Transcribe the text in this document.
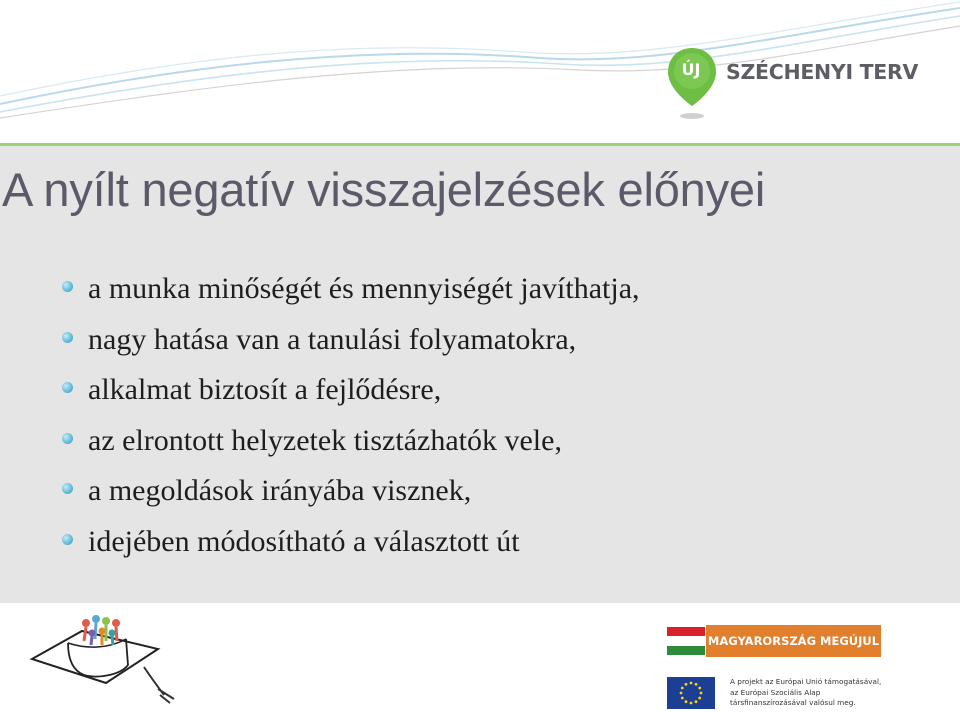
ÚJ	SZÉCHENYI TERV
A nyílt negatív visszajelzések előnyei
a munka minőségét és mennyiségét javíthatja,
nagy hatása van a tanulási folyamatokra,
alkalmat biztosít a fejlődésre,
az elrontott helyzetek tisztázhatók vele,
a megoldások irányába visznek,
idejében módosítható a választott út
MAGYARORSZÁG MEGÚJUL
A projekt az Európai Unió támogatásával,
az Európai Szociális Alap
társfinanszírozásával valósul meg.
